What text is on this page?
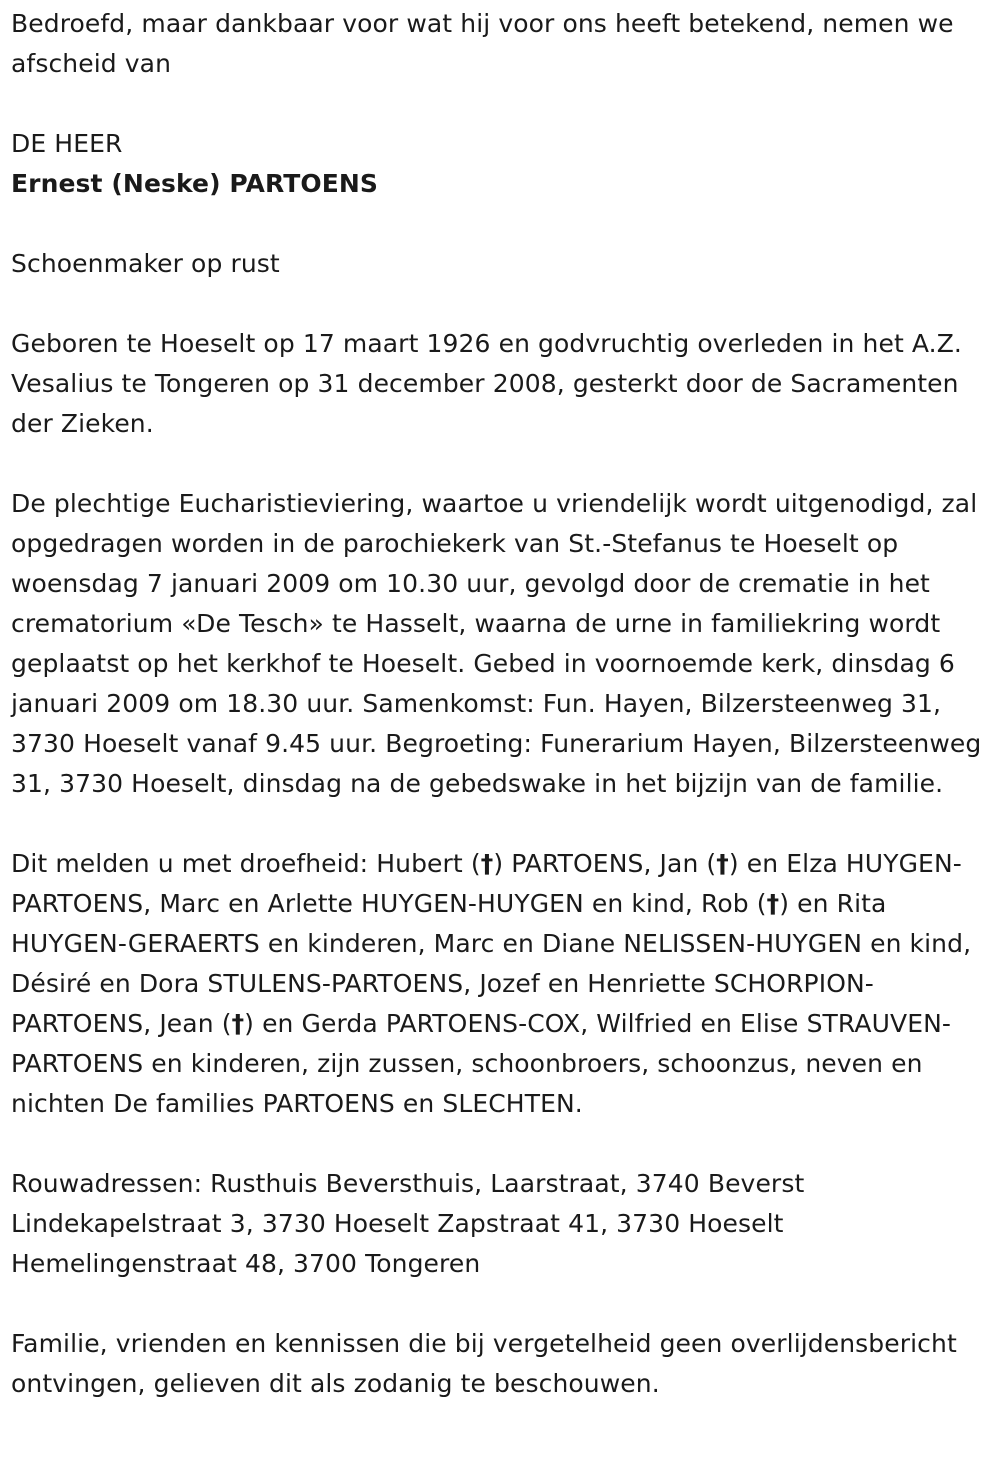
Bedroefd, maar dankbaar voor wat hij voor ons heeft betekend, nemen we afscheid van

DE HEER

Ernest (Neske) PARTOENS

Schoenmaker op rust

Geboren te Hoeselt op 17 maart 1926 en godvruchtig overleden in het A.Z. Vesalius te Tongeren op 31 december 2008, gesterkt door de Sacramenten der Zieken.

De plechtige Eucharistieviering, waartoe u vriendelijk wordt uitgenodigd, zal opgedragen worden in de parochiekerk van St.-Stefanus te Hoeselt op woensdag 7 januari 2009 om 10.30 uur, gevolgd door de crematie in het crematorium «De Tesch» te Hasselt, waarna de urne in familiekring wordt geplaatst op het kerkhof te Hoeselt. Gebed in voornoemde kerk, dinsdag 6 januari 2009 om 18.30 uur. Samenkomst: Fun. Hayen, Bilzersteenweg 31, 3730 Hoeselt vanaf 9.45 uur. Begroeting: Funerarium Hayen, Bilzersteenweg 31, 3730 Hoeselt, dinsdag na de gebedswake in het bijzijn van de familie.

Dit melden u met droefheid: Hubert (†) PARTOENS, Jan (†) en Elza HUYGEN-PARTOENS, Marc en Arlette HUYGEN-HUYGEN en kind, Rob (†) en Rita HUYGEN-GERAERTS en kinderen, Marc en Diane NELISSEN-HUYGEN en kind, Désiré en Dora STULENS-PARTOENS, Jozef en Henriette SCHORPION-PARTOENS, Jean (†) en Gerda PARTOENS-COX, Wilfried en Elise STRAUVEN-PARTOENS en kinderen, zijn zussen, schoonbroers, schoonzus, neven en nichten De families PARTOENS en SLECHTEN.

Rouwadressen: Rusthuis Beversthuis, Laarstraat, 3740 Beverst

Lindekapelstraat 3, 3730 Hoeselt Zapstraat 41, 3730 Hoeselt

Hemelingenstraat 48, 3700 Tongeren

Familie, vrienden en kennissen die bij vergetelheid geen overlijdensbericht ontvingen, gelieven dit als zodanig te beschouwen.
